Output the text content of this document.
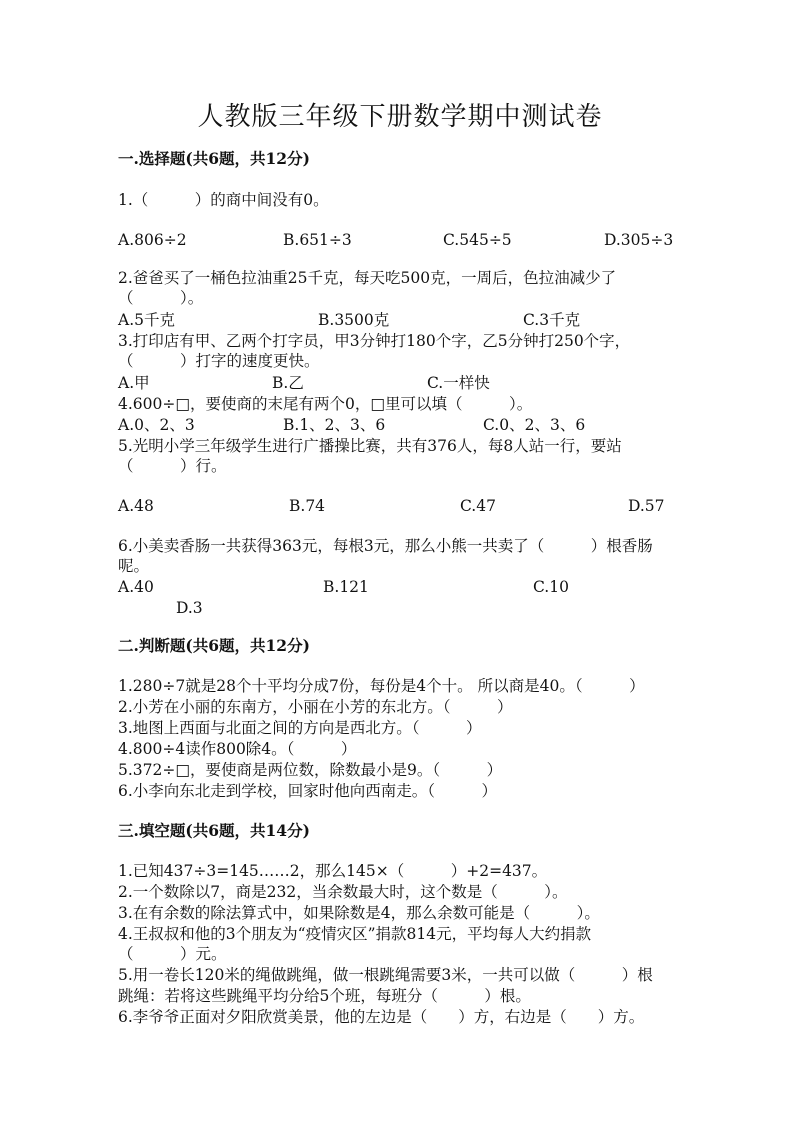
人教版三年级下册数学期中测试卷
一.选择题(共6题，共12分)
1.（　　　）的商中间没有0。
A.806÷2	B.651÷3	C.545÷5	D.305÷3
2.爸爸买了一桶色拉油重25千克，每天吃500克，一周后，色拉油减少了
（　　　）。
A.5千克	B.3500克	C.3千克
3.打印店有甲、乙两个打字员，甲3分钟打180个字，乙5分钟打250个字，
（　　　）打字的速度更快。
A.甲	B.乙	C.一样快
4.600÷□，要使商的末尾有两个0，□里可以填（　　　）。
A.0、2、3	B.1、2、3、6	C.0、2、3、6
5.光明小学三年级学生进行广播操比赛，共有376人，每8人站一行，要站
（　　　）行。
A.48	B.74	C.47	D.57
6.小美卖香肠一共获得363元，每根3元，那么小熊一共卖了（　　　）根香肠
呢。
A.40	B.121	C.10
D.3
二.判断题(共6题，共12分)
1.280÷7就是28个十平均分成7份，每份是4个十。 所以商是40。（　　　）
2.小芳在小丽的东南方，小丽在小芳的东北方。（　　　）
3.地图上西面与北面之间的方向是西北方。（　　　）
4.800÷4读作800除4。（　　　）
5.372÷□，要使商是两位数，除数最小是9。（　　　）
6.小李向东北走到学校，回家时他向西南走。（　　　）
三.填空题(共6题，共14分)
1.已知437÷3=145……2，那么145×（　　　）+2=437。
2.一个数除以7，商是232，当余数最大时，这个数是（　　　）。
3.在有余数的除法算式中，如果除数是4，那么余数可能是（　　　）。
4.王叔叔和他的3个朋友为“疫情灾区”捐款814元，平均每人大约捐款
（　　　）元。
5.用一卷长120米的绳做跳绳，做一根跳绳需要3米，一共可以做（　　　）根
跳绳：若将这些跳绳平均分给5个班，每班分（　　　）根。
6.李爷爷正面对夕阳欣赏美景，他的左边是（　　）方，右边是（　　）方。
